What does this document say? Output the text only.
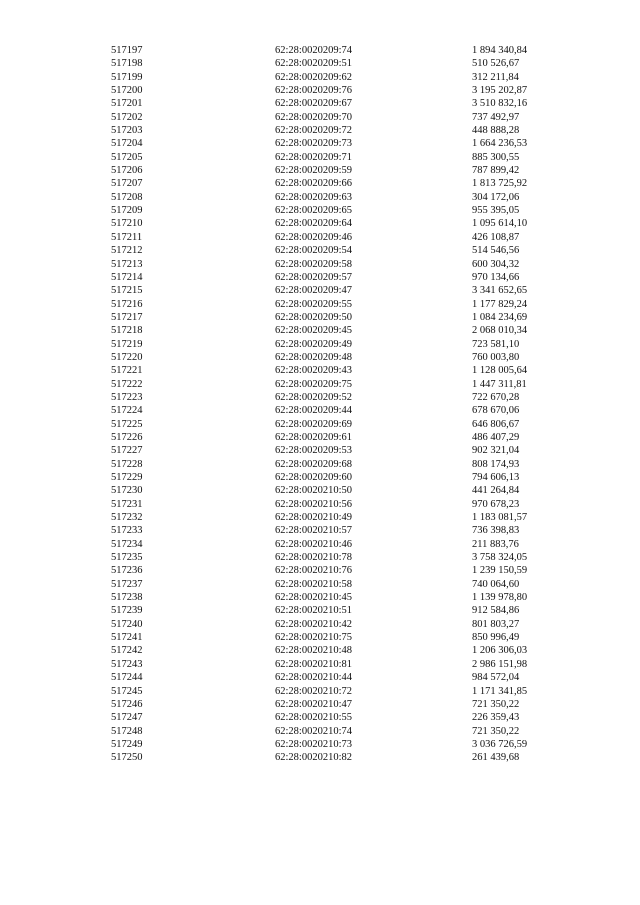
517197	62:28:0020209:74	1 894 340,84
517198	62:28:0020209:51	510 526,67
517199	62:28:0020209:62	312 211,84
517200	62:28:0020209:76	3 195 202,87
517201	62:28:0020209:67	3 510 832,16
517202	62:28:0020209:70	737 492,97
517203	62:28:0020209:72	448 888,28
517204	62:28:0020209:73	1 664 236,53
517205	62:28:0020209:71	885 300,55
517206	62:28:0020209:59	787 899,42
517207	62:28:0020209:66	1 813 725,92
517208	62:28:0020209:63	304 172,06
517209	62:28:0020209:65	955 395,05
517210	62:28:0020209:64	1 095 614,10
517211	62:28:0020209:46	426 108,87
517212	62:28:0020209:54	514 546,56
517213	62:28:0020209:58	600 304,32
517214	62:28:0020209:57	970 134,66
517215	62:28:0020209:47	3 341 652,65
517216	62:28:0020209:55	1 177 829,24
517217	62:28:0020209:50	1 084 234,69
517218	62:28:0020209:45	2 068 010,34
517219	62:28:0020209:49	723 581,10
517220	62:28:0020209:48	760 003,80
517221	62:28:0020209:43	1 128 005,64
517222	62:28:0020209:75	1 447 311,81
517223	62:28:0020209:52	722 670,28
517224	62:28:0020209:44	678 670,06
517225	62:28:0020209:69	646 806,67
517226	62:28:0020209:61	486 407,29
517227	62:28:0020209:53	902 321,04
517228	62:28:0020209:68	808 174,93
517229	62:28:0020209:60	794 606,13
517230	62:28:0020210:50	441 264,84
517231	62:28:0020210:56	970 678,23
517232	62:28:0020210:49	1 183 081,57
517233	62:28:0020210:57	736 398,83
517234	62:28:0020210:46	211 883,76
517235	62:28:0020210:78	3 758 324,05
517236	62:28:0020210:76	1 239 150,59
517237	62:28:0020210:58	740 064,60
517238	62:28:0020210:45	1 139 978,80
517239	62:28:0020210:51	912 584,86
517240	62:28:0020210:42	801 803,27
517241	62:28:0020210:75	850 996,49
517242	62:28:0020210:48	1 206 306,03
517243	62:28:0020210:81	2 986 151,98
517244	62:28:0020210:44	984 572,04
517245	62:28:0020210:72	1 171 341,85
517246	62:28:0020210:47	721 350,22
517247	62:28:0020210:55	226 359,43
517248	62:28:0020210:74	721 350,22
517249	62:28:0020210:73	3 036 726,59
517250	62:28:0020210:82	261 439,68
